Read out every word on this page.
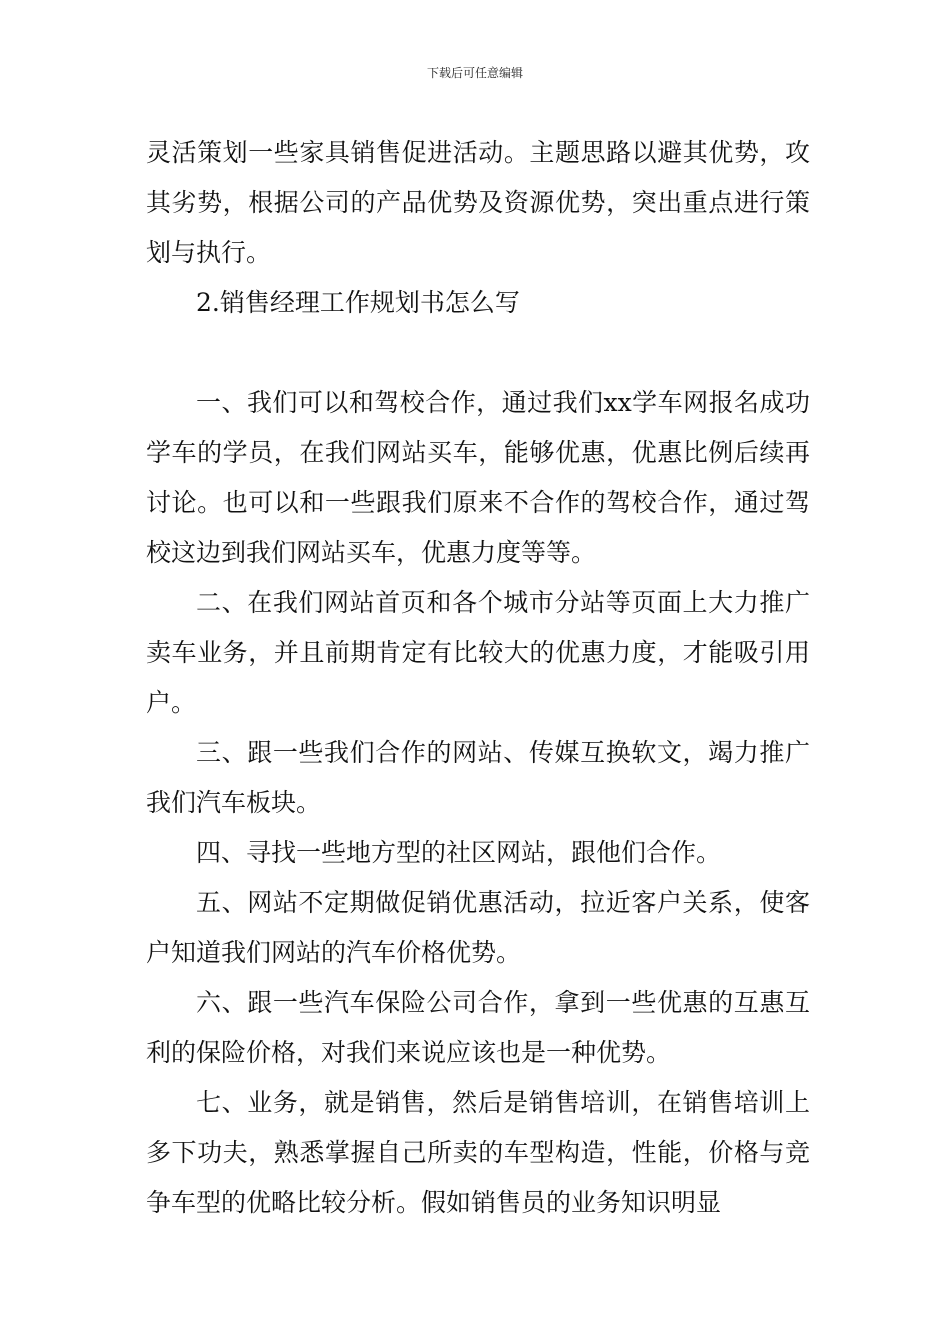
下载后可任意编辑

灵活策划一些家具销售促进活动。主题思路以避其优势，攻其劣势，根据公司的产品优势及资源优势，突出重点进行策划与执行。

2.销售经理工作规划书怎么写

一、我们可以和驾校合作，通过我们xx学车网报名成功学车的学员，在我们网站买车，能够优惠，优惠比例后续再讨论。也可以和一些跟我们原来不合作的驾校合作，通过驾校这边到我们网站买车，优惠力度等等。

二、在我们网站首页和各个城市分站等页面上大力推广卖车业务，并且前期肯定有比较大的优惠力度，才能吸引用户。

三、跟一些我们合作的网站、传媒互换软文，竭力推广我们汽车板块。

四、寻找一些地方型的社区网站，跟他们合作。

五、网站不定期做促销优惠活动，拉近客户关系，使客户知道我们网站的汽车价格优势。

六、跟一些汽车保险公司合作，拿到一些优惠的互惠互利的保险价格，对我们来说应该也是一种优势。

七、业务，就是销售，然后是销售培训，在销售培训上多下功夫，熟悉掌握自己所卖的车型构造，性能，价格与竞争车型的优略比较分析。假如销售员的业务知识明显
